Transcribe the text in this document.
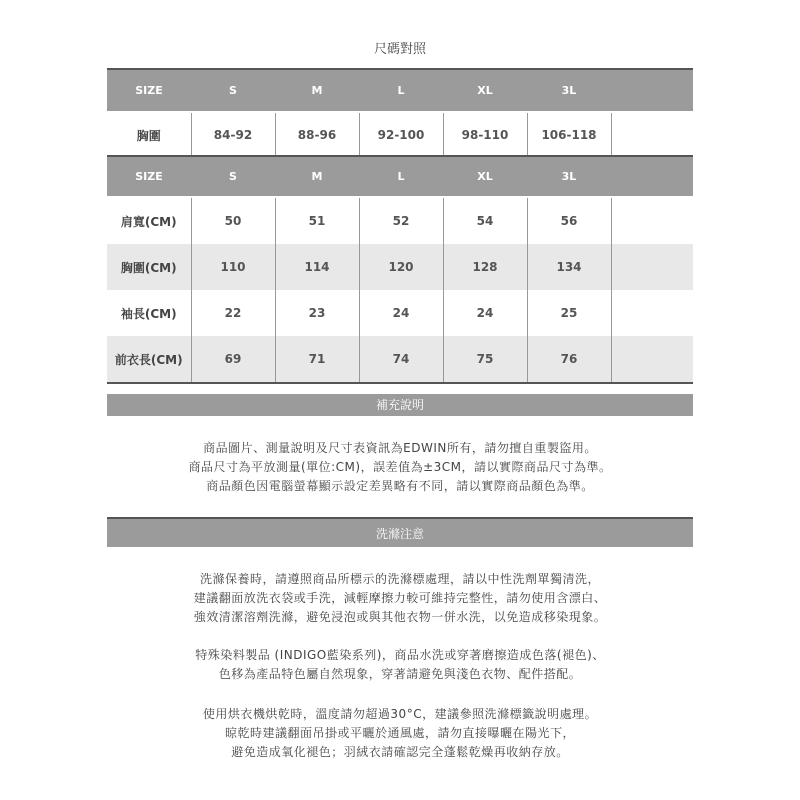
尺碼對照
SIZE	S	M	L	XL	3L	
胸圍	84-92	88-96	92-100	98-110	106-118	
SIZE	S	M	L	XL	3L	
肩寬(CM)	50	51	52	54	56	
胸圍(CM)	110	114	120	128	134	
袖長(CM)	22	23	24	24	25	
前衣長(CM)	69	71	74	75	76	
補充說明
商品圖片、測量說明及尺寸表資訊為EDWIN所有，請勿擅自重製盜用。
商品尺寸為平放測量(單位:CM)，誤差值為±3CM，請以實際商品尺寸為準。
商品顏色因電腦螢幕顯示設定差異略有不同，請以實際商品顏色為準。
洗滌注意
洗滌保養時，請遵照商品所標示的洗滌標處理，請以中性洗劑單獨清洗，
建議翻面放洗衣袋或手洗，減輕摩擦力較可維持完整性，請勿使用含漂白、
強效清潔溶劑洗滌，避免浸泡或與其他衣物一併水洗，以免造成移染現象。
特殊染料製品 (INDIGO藍染系列)，商品水洗或穿著磨擦造成色落(褪色)、
色移為產品特色屬自然現象，穿著請避免與淺色衣物、配件搭配。
使用烘衣機烘乾時，溫度請勿超過30°C，建議參照洗滌標籤說明處理。
晾乾時建議翻面吊掛或平曬於通風處，請勿直接曝曬在陽光下，
避免造成氧化褪色；羽絨衣請確認完全蓬鬆乾燥再收納存放。
